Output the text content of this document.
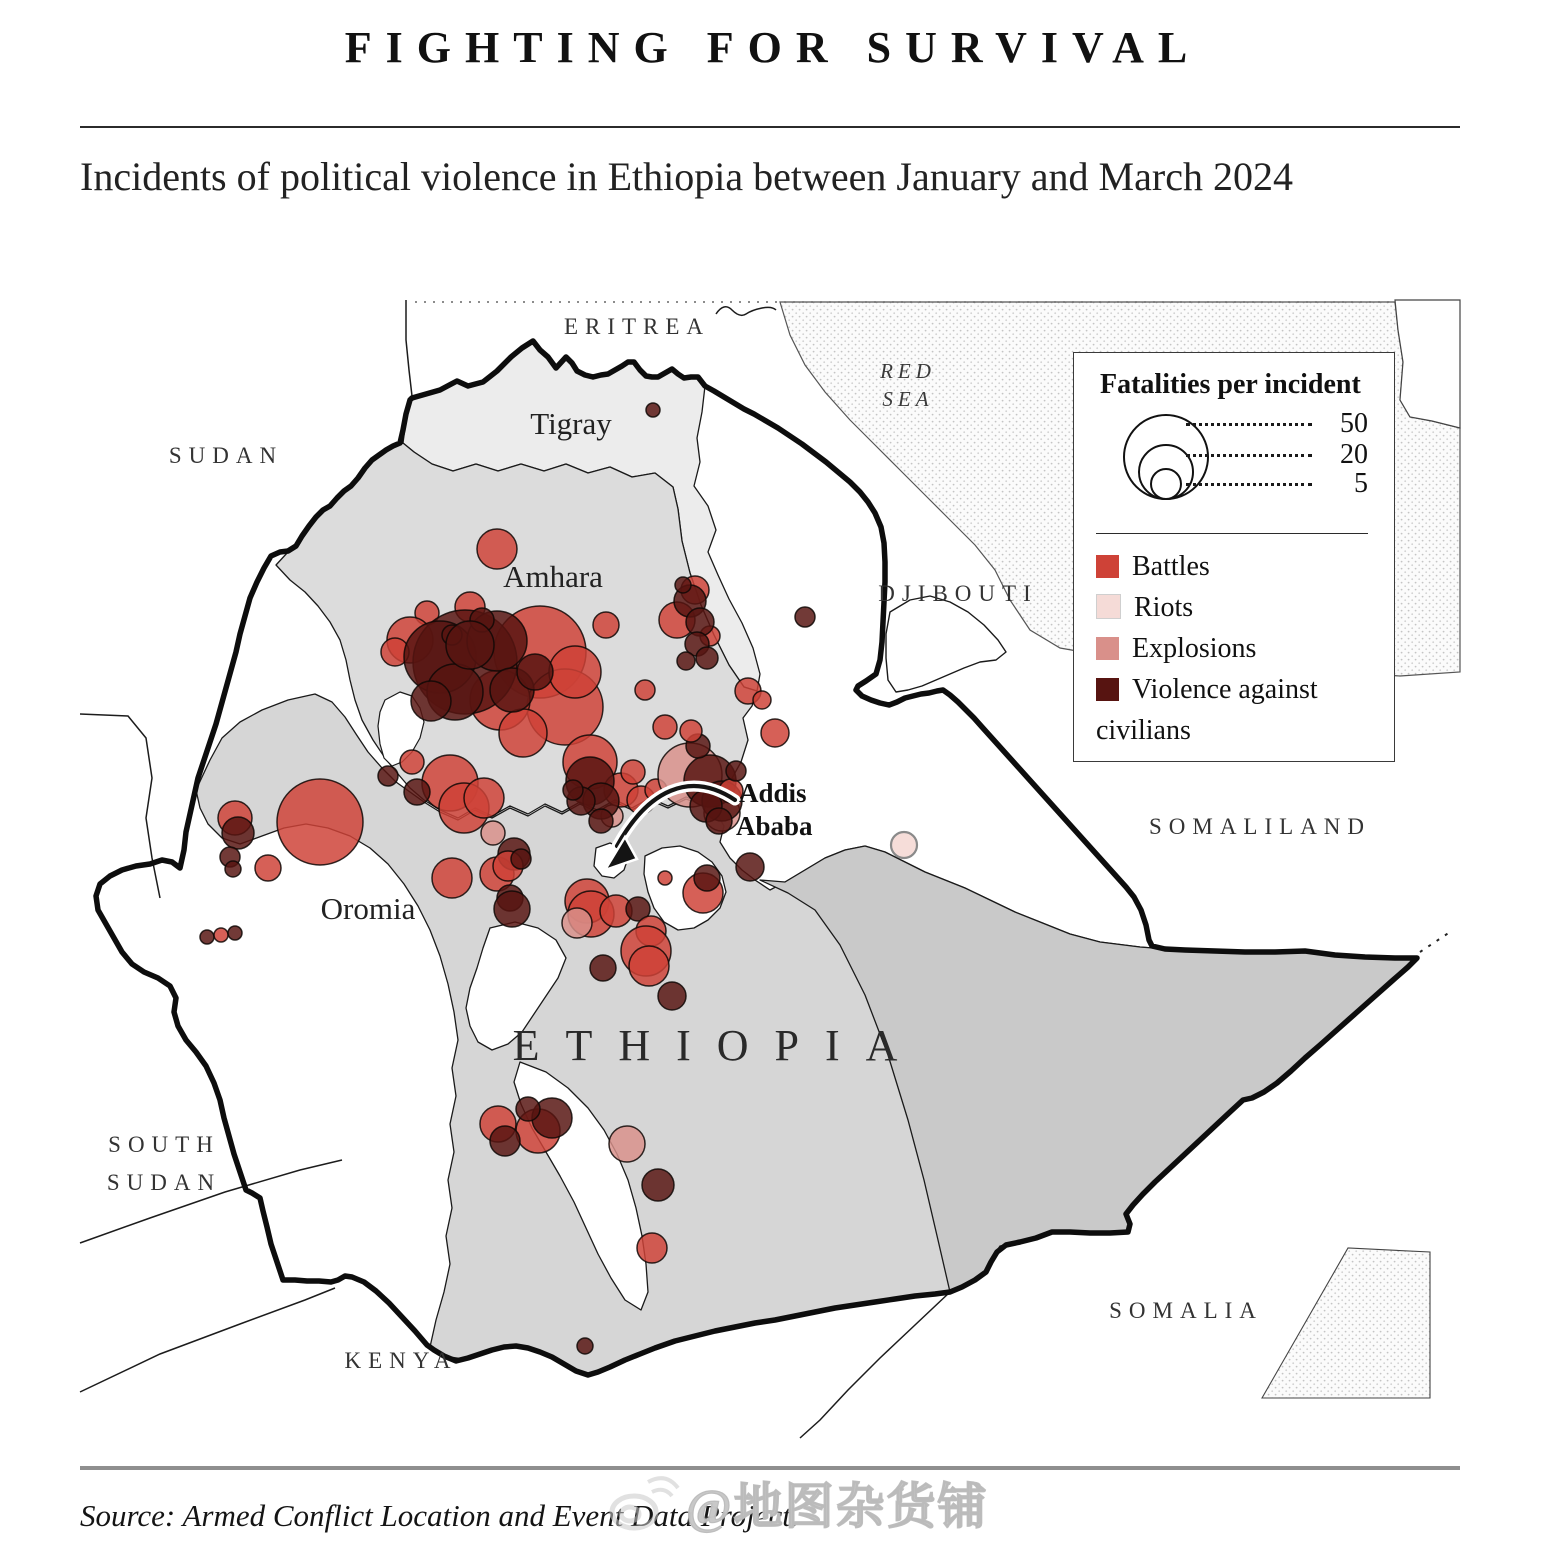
ERITREA
RED
SEA
SUDAN
Tigray
DJIBOUTI
Amhara
SOMALILAND
Oromia
ETHIOPIA
Addis
Ababa
SOUTH
SUDAN
KENYA
SOMALIA
FIGHTING FOR SURVIVAL
Incidents of political violence in Ethiopia between January and March 2024
Fatalities per incident
50
20
5
Battles
Riots
Explosions
Violence against civilians
Source: Armed Conflict Location and Event Data Project.
@地图杂货铺
